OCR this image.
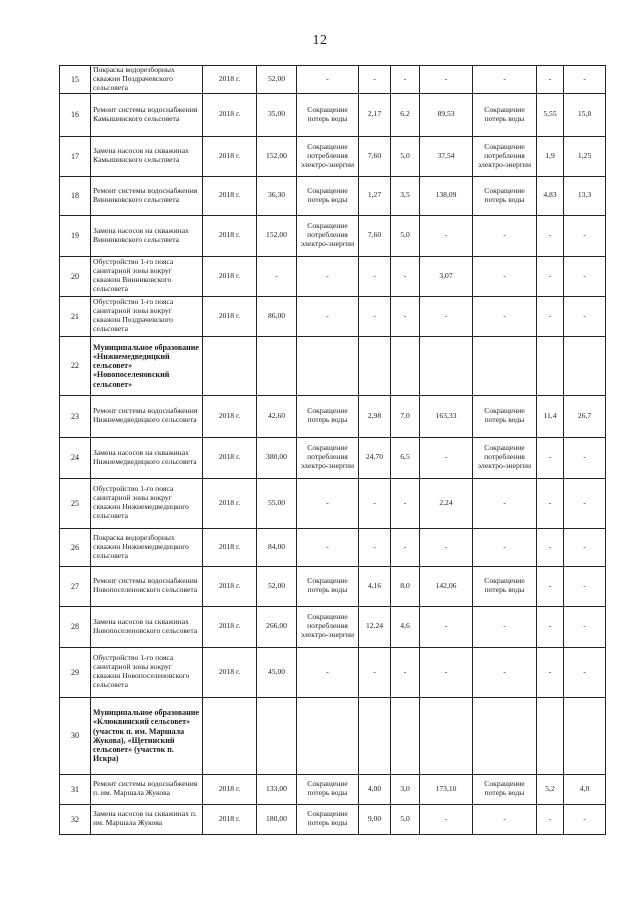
12
15	Покраска водорезборных скважин Поздрачевского сельсовета	2018 г.	52,00	-	-	-	-	-	-	-
16	Ремонт системы водоснабжения Камышинского сельсовета	2018 г.	35,00	Сокращение потерь воды	2,17	6,2	89,53	Сокращение потерь воды	5,55	15,8
17	Замена насосов на скважинах Камышинского сельсовета	2018 г.	152,00	Сокращение потребления электро-энергии	7,60	5,0	37,54	Сокращение потребления электро-энергии	1,9	1,25
18	Ремонт системы водоснабжения Винниковского сельсовета	2018 г.	36,30	Сокращение потерь воды	1,27	3,5	138,09	Сокращение потерь воды	4,83	13,3
19	Замена насосов на скважинах Винниковского сельсовета	2018 г.	152,00	Сокращение потребления электро-энергии	7,60	5,0	-	-	-	-
20	Обустройство 1-го пояса санитарной зоны вокруг скважин Винниковского сельсовета	2018 г.	-	-	-	-	3,07	-	-	-
21	Обустройство 1-го пояса санитарной зоны вокруг скважин Поздрачевского сельсовета	2018 г.	86,00	-	-	-	-	-	-	-
22	Муниципальное образование «Нижнемедведицкий сельсовет» «Новопоселеновский сельсовет»									
23	Ремонт системы водоснабжения Нижнемедведицкого сельсовета	2018 г.	42,60	Сокращение потерь воды	2,98	7,0	163,33	Сокращение потерь воды	11,4	26,7
24	Замена насосов на скважинах Нижнемедведицкого сельсовета	2018 г.	380,00	Сокращение потребления электро-энергии	24,70	6,5	-	Сокращение потребления электро-энергии	-	-
25	Обустройство 1-го пояса санитарной зоны вокруг скважин Нижнемедведицкого сельсовета	2018 г.	55,00	-	-	-	2,24	-	-	-
26	Покраска водорезборных скважин Нижнемедведицкого сельсовета	2018 г.	84,00	-	-	-	-	-	-	-
27	Ремонт системы водоснабжения Новопоселеновского сельсовета	2018 г.	52,00	Сокращение потерь воды	4,16	8,0	142,06	Сокращение потерь воды	-	-
28	Замена насосов на скважинах Новопоселеновского сельсовета	2018 г.	266,00	Сокращение потребления электро-энергии	12,24	4,6	-	-	-	-
29	Обустройство 1-го пояса санитарной зоны вокруг скважин Новопоселеновского сельсовета	2018 г.	45,00	-	-	-	-	-	-	-
30	Муниципальное образование «Клюквинский сельсовет» (участок п. им. Маршала Жукова), «Щетинский сельсовет» (участок п. Искра)									
31	Ремонт системы водоснабжения п. им. Маршала Жукова	2018 г.	133,00	Сокращение потерь воды	4,00	3,0	173,10	Сокращение потерь воды	5,2	4,0
32	Замена насосов на скважинах п. им. Маршала Жукова	2018 г.	180,00	Сокращение потерь воды	9,00	5,0	-	-	-	-
